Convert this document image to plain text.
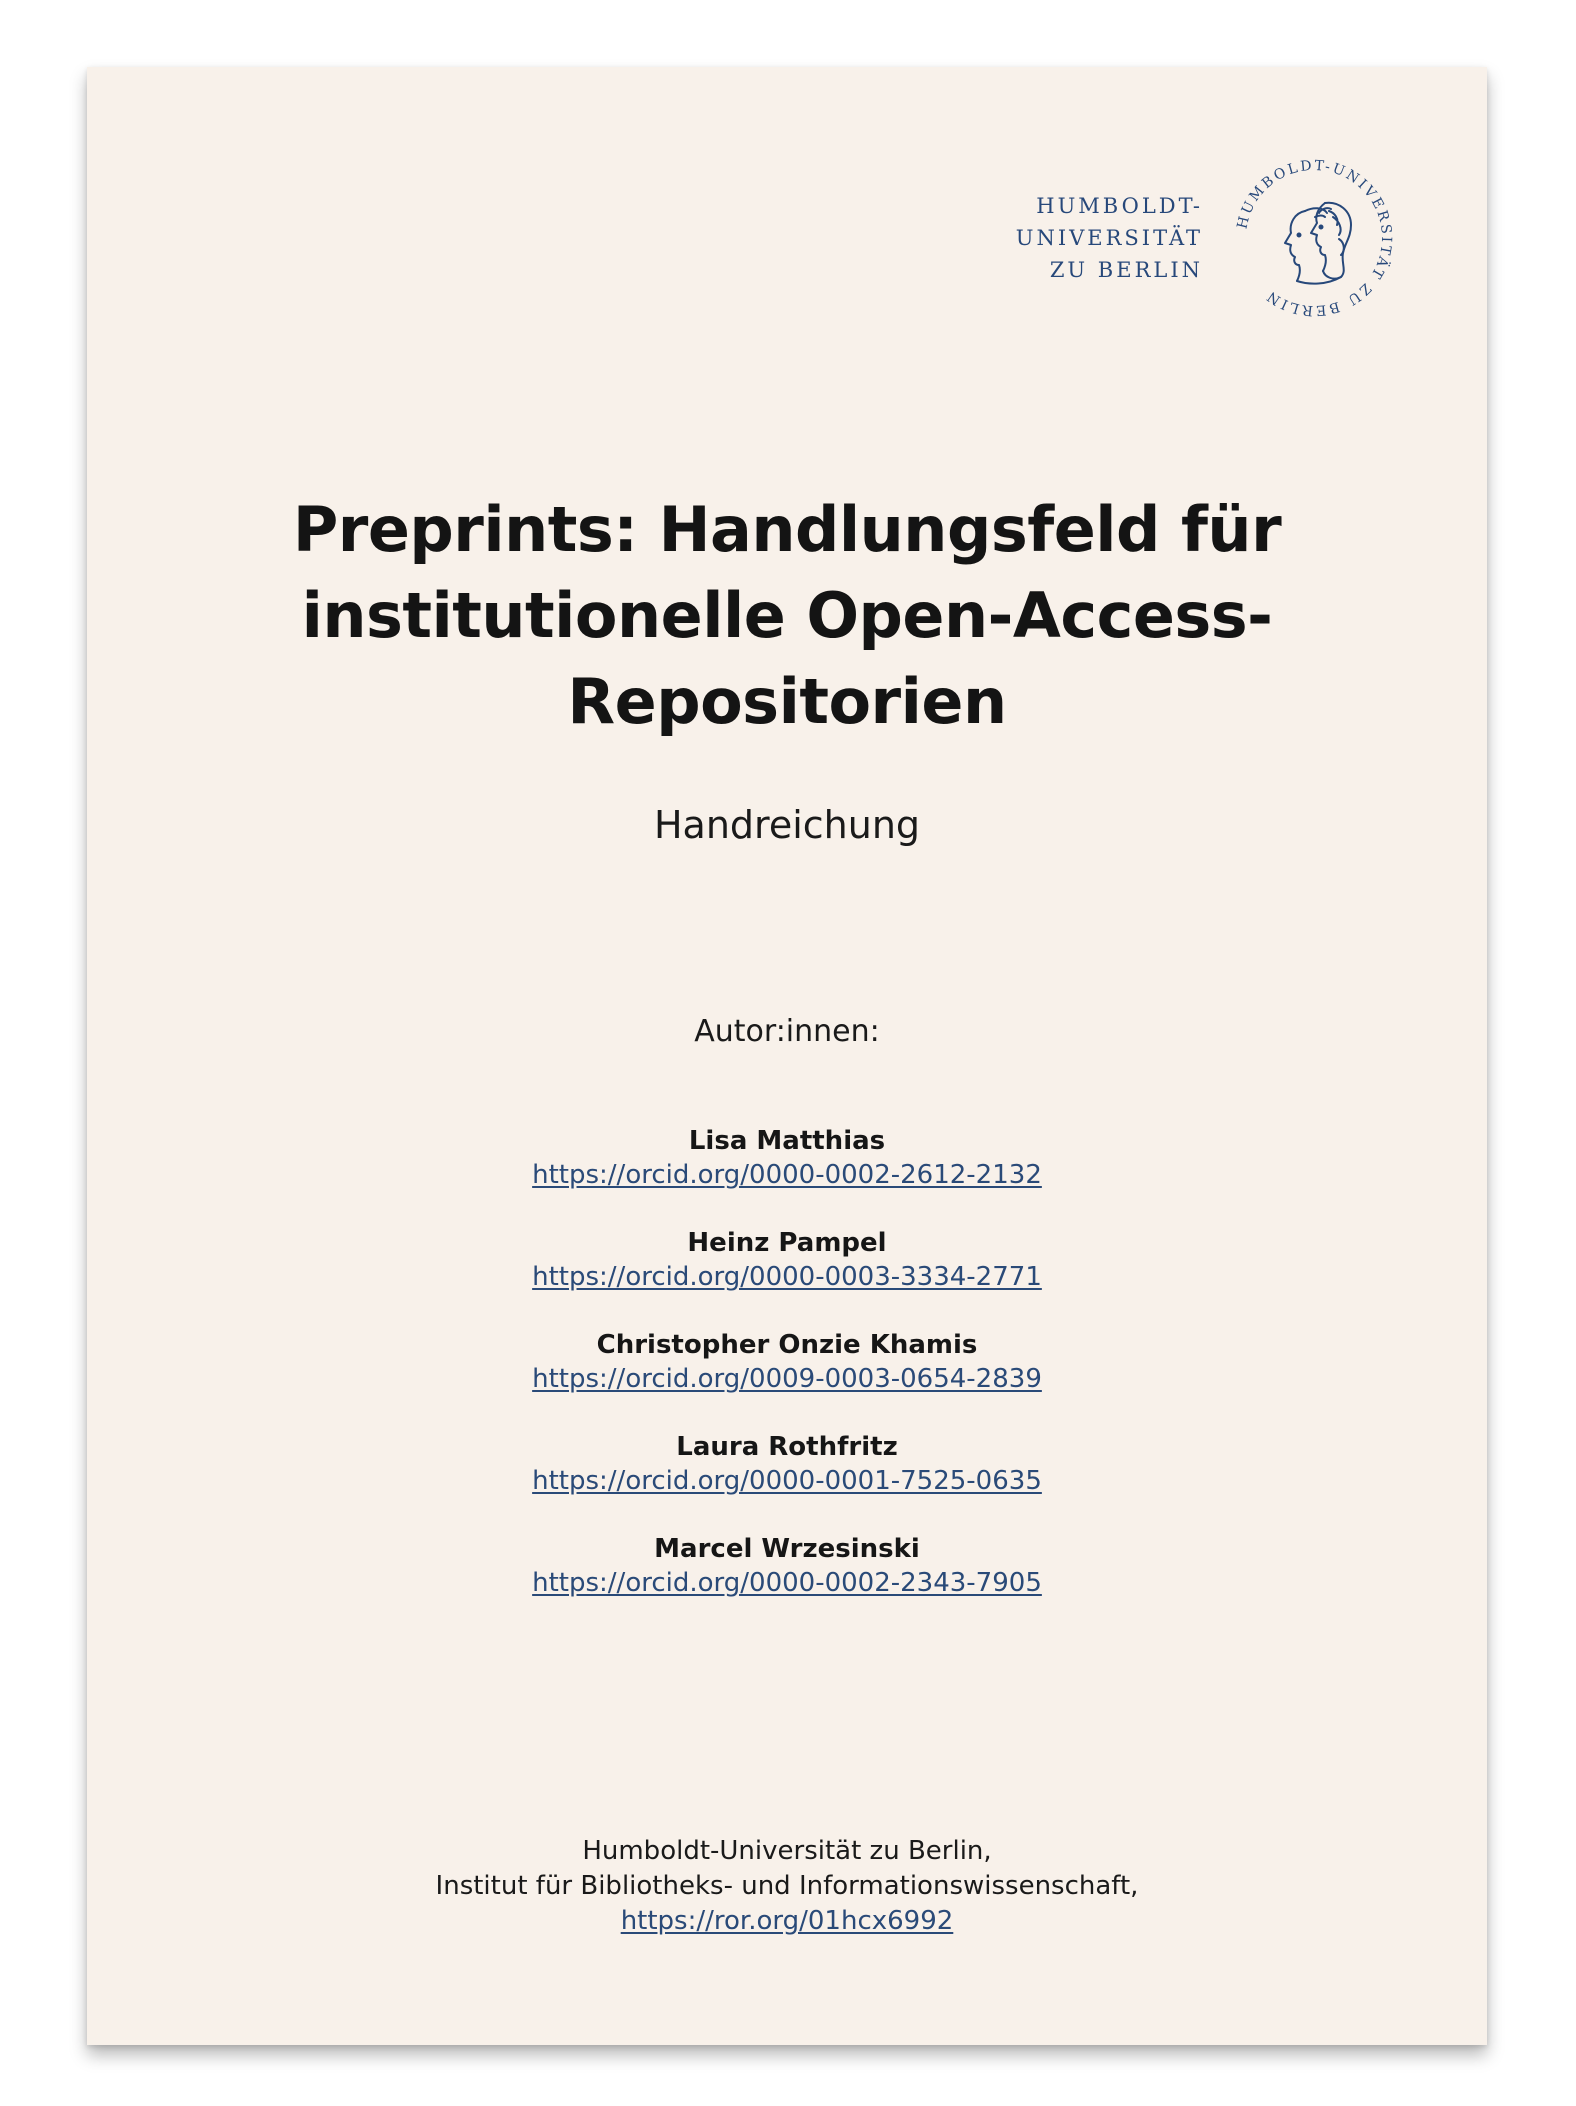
HUMBOLDT-
UNIVERSITÄT
ZU BERLIN
HUMBOLDT-UNIVERSITÄT ZU BERLIN
Preprints: Handlungsfeld für
institutionelle Open-Access-
Repositorien
Handreichung
Autor:innen:
Lisa Matthias
https://orcid.org/0000-0002-2612-2132
Heinz Pampel
https://orcid.org/0000-0003-3334-2771
Christopher Onzie Khamis
https://orcid.org/0009-0003-0654-2839
Laura Rothfritz
https://orcid.org/0000-0001-7525-0635
Marcel Wrzesinski
https://orcid.org/0000-0002-2343-7905
Humboldt-Universität zu Berlin,
Institut für Bibliotheks- und Informationswissenschaft,
https://ror.org/01hcx6992
